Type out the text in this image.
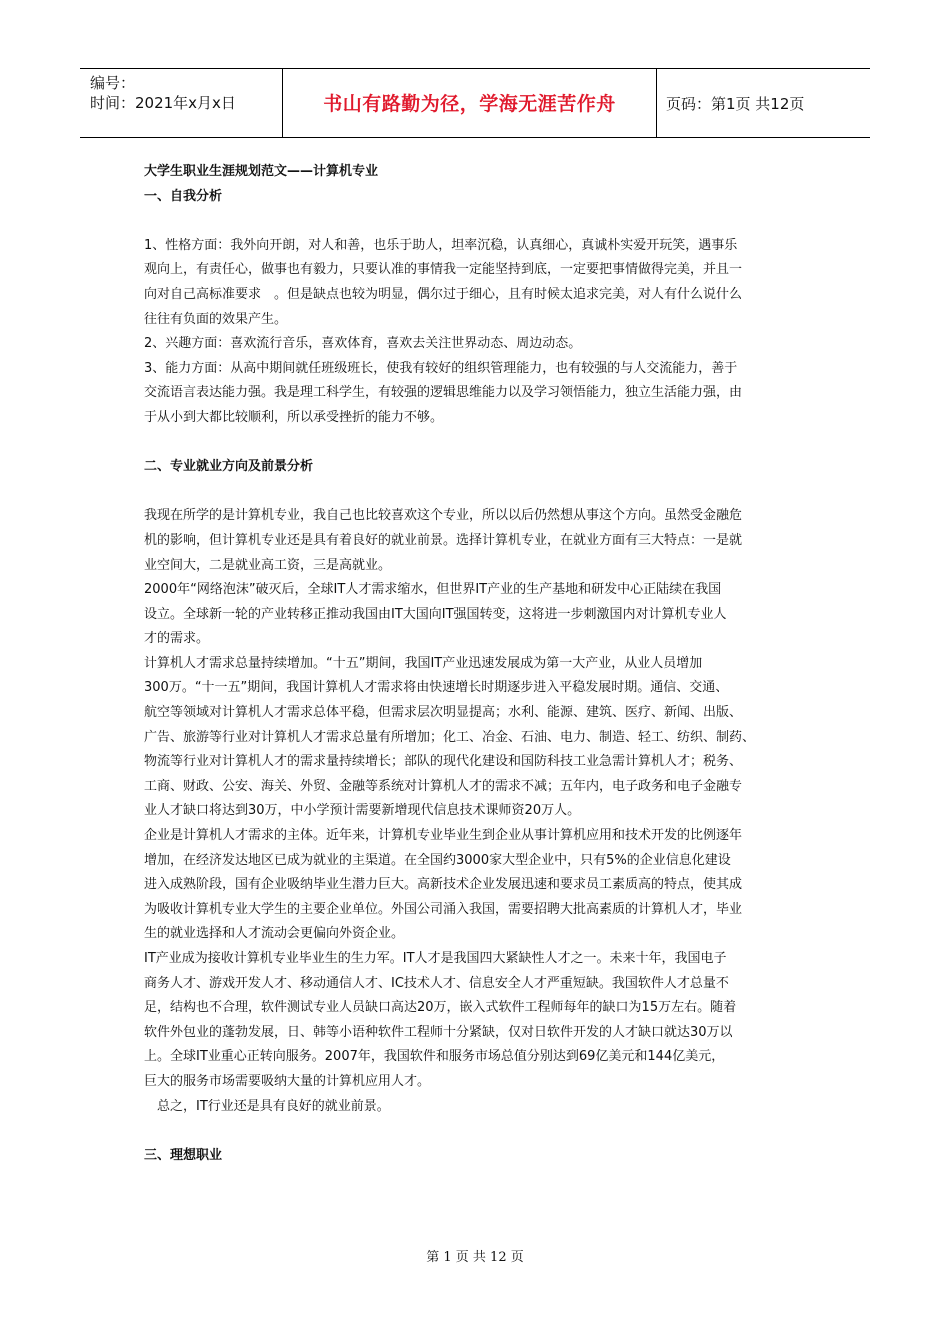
编号：
时间：2021年x月x日	书山有路勤为径，学海无涯苦作舟	页码：第1页 共12页
大学生职业生涯规划范文——计算机专业
一、自我分析

1、性格方面：我外向开朗，对人和善，也乐于助人，坦率沉稳，认真细心，真诚朴实爱开玩笑，遇事乐

观向上，有责任心，做事也有毅力，只要认准的事情我一定能坚持到底，一定要把事情做得完美，并且一

向对自己高标准要求　。但是缺点也较为明显，偶尔过于细心，且有时候太追求完美，对人有什么说什么

往往有负面的效果产生。

2、兴趣方面：喜欢流行音乐，喜欢体育，喜欢去关注世界动态、周边动态。

3、能力方面：从高中期间就任班级班长，使我有较好的组织管理能力，也有较强的与人交流能力，善于

交流语言表达能力强。我是理工科学生，有较强的逻辑思维能力以及学习领悟能力，独立生活能力强，由

于从小到大都比较顺利，所以承受挫折的能力不够。

二、专业就业方向及前景分析

我现在所学的是计算机专业，我自己也比较喜欢这个专业，所以以后仍然想从事这个方向。虽然受金融危

机的影响，但计算机专业还是具有着良好的就业前景。选择计算机专业，在就业方面有三大特点：一是就

业空间大，二是就业高工资，三是高就业。

2000年“网络泡沫”破灭后，全球IT人才需求缩水，但世界IT产业的生产基地和研发中心正陆续在我国

设立。全球新一轮的产业转移正推动我国由IT大国向IT强国转变，这将进一步刺激国内对计算机专业人

才的需求。

计算机人才需求总量持续增加。“十五”期间，我国IT产业迅速发展成为第一大产业，从业人员增加

300万。“十一五”期间，我国计算机人才需求将由快速增长时期逐步进入平稳发展时期。通信、交通、

航空等领域对计算机人才需求总体平稳，但需求层次明显提高；水利、能源、建筑、医疗、新闻、出版、

广告、旅游等行业对计算机人才需求总量有所增加；化工、冶金、石油、电力、制造、轻工、纺织、制药、

物流等行业对计算机人才的需求量持续增长；部队的现代化建设和国防科技工业急需计算机人才；税务、

工商、财政、公安、海关、外贸、金融等系统对计算机人才的需求不减；五年内，电子政务和电子金融专

业人才缺口将达到30万，中小学预计需要新增现代信息技术课师资20万人。

企业是计算机人才需求的主体。近年来，计算机专业毕业生到企业从事计算机应用和技术开发的比例逐年

增加，在经济发达地区已成为就业的主渠道。在全国约3000家大型企业中，只有5%的企业信息化建设

进入成熟阶段，国有企业吸纳毕业生潜力巨大。高新技术企业发展迅速和要求员工素质高的特点，使其成

为吸收计算机专业大学生的主要企业单位。外国公司涌入我国，需要招聘大批高素质的计算机人才，毕业

生的就业选择和人才流动会更偏向外资企业。

IT产业成为接收计算机专业毕业生的生力军。IT人才是我国四大紧缺性人才之一。未来十年，我国电子

商务人才、游戏开发人才、移动通信人才、IC技术人才、信息安全人才严重短缺。我国软件人才总量不

足，结构也不合理，软件测试专业人员缺口高达20万，嵌入式软件工程师每年的缺口为15万左右。随着

软件外包业的蓬勃发展，日、韩等小语种软件工程师十分紧缺，仅对日软件开发的人才缺口就达30万以

上。全球IT业重心正转向服务。2007年，我国软件和服务市场总值分别达到69亿美元和144亿美元，

巨大的服务市场需要吸纳大量的计算机应用人才。

　总之，IT行业还是具有良好的就业前景。

三、理想职业
第 1 页 共 12 页
